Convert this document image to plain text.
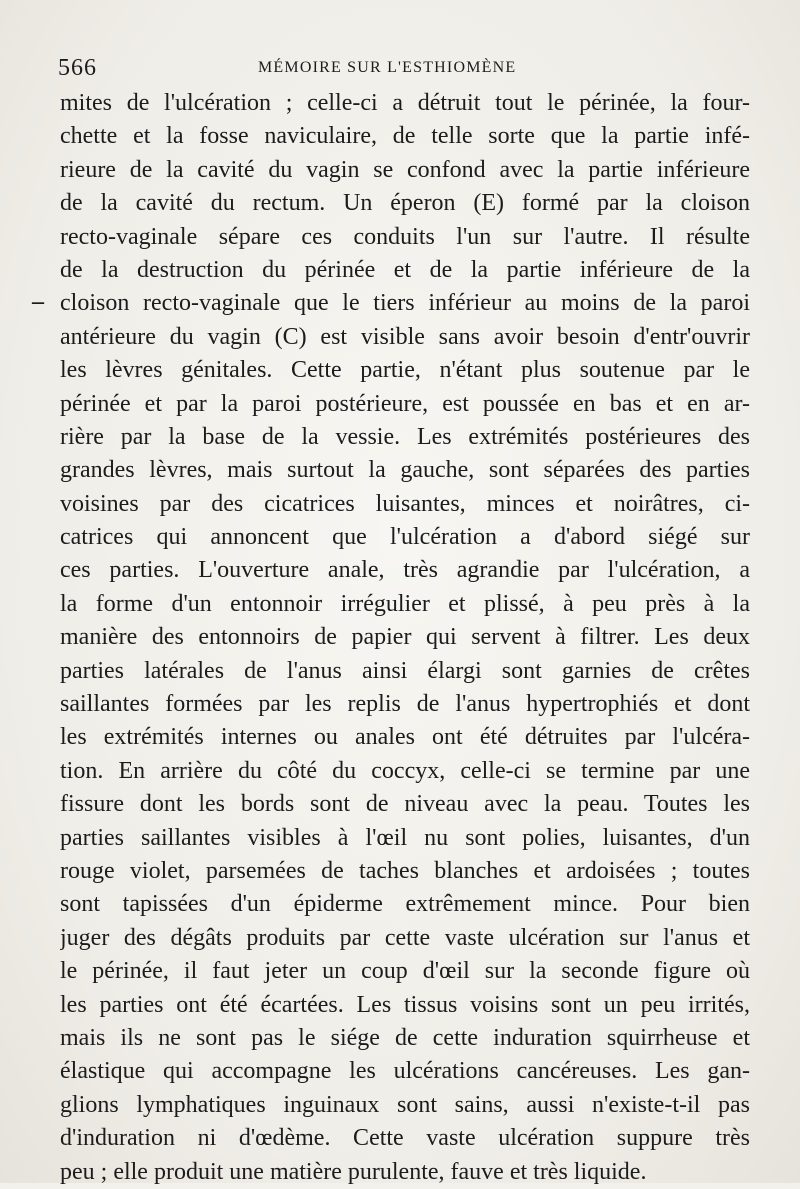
566	MÉMOIRE SUR L'ESTHIOMÈNE
–
mites de l'ulcération ; celle-ci a détruit tout le périnée, la four-
chette et la fosse naviculaire, de telle sorte que la partie infé-
rieure de la cavité du vagin se confond avec la partie inférieure
de la cavité du rectum. Un éperon (E) formé par la cloison
recto-vaginale sépare ces conduits l'un sur l'autre. Il résulte
de la destruction du périnée et de la partie inférieure de la
cloison recto-vaginale que le tiers inférieur au moins de la paroi
antérieure du vagin (C) est visible sans avoir besoin d'entr'ouvrir
les lèvres génitales. Cette partie, n'étant plus soutenue par le
périnée et par la paroi postérieure, est poussée en bas et en ar-
rière par la base de la vessie. Les extrémités postérieures des
grandes lèvres, mais surtout la gauche, sont séparées des parties
voisines par des cicatrices luisantes, minces et noirâtres, ci-
catrices qui annoncent que l'ulcération a d'abord siégé sur
ces parties. L'ouverture anale, très agrandie par l'ulcération, a
la forme d'un entonnoir irrégulier et plissé, à peu près à la
manière des entonnoirs de papier qui servent à filtrer. Les deux
parties latérales de l'anus ainsi élargi sont garnies de crêtes
saillantes formées par les replis de l'anus hypertrophiés et dont
les extrémités internes ou anales ont été détruites par l'ulcéra-
tion. En arrière du côté du coccyx, celle-ci se termine par une
fissure dont les bords sont de niveau avec la peau. Toutes les
parties saillantes visibles à l'œil nu sont polies, luisantes, d'un
rouge violet, parsemées de taches blanches et ardoisées ; toutes
sont tapissées d'un épiderme extrêmement mince. Pour bien
juger des dégâts produits par cette vaste ulcération sur l'anus et
le périnée, il faut jeter un coup d'œil sur la seconde figure où
les parties ont été écartées. Les tissus voisins sont un peu irrités,
mais ils ne sont pas le siége de cette induration squirrheuse et
élastique qui accompagne les ulcérations cancéreuses. Les gan-
glions lymphatiques inguinaux sont sains, aussi n'existe-t-il pas
d'induration ni d'œdème. Cette vaste ulcération suppure très
peu ; elle produit une matière purulente, fauve et très liquide.
